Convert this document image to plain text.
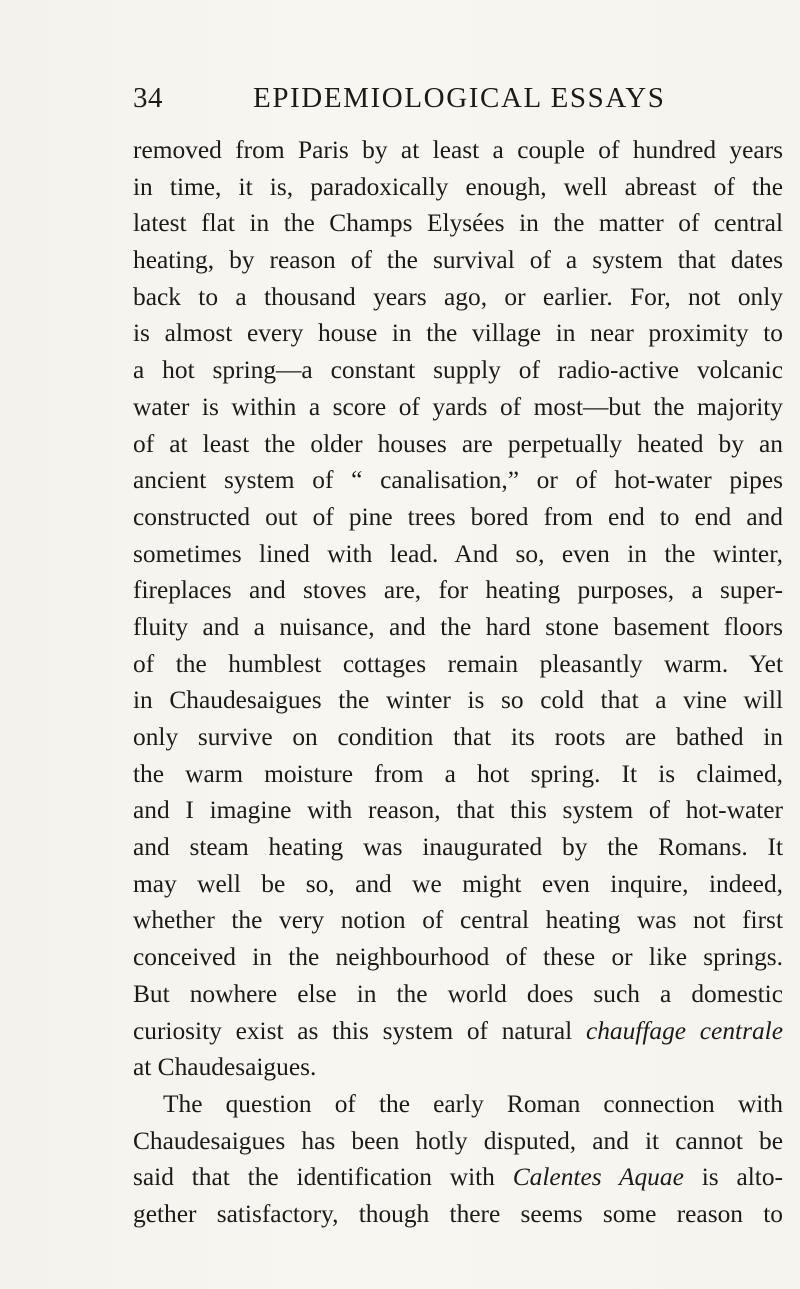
34	EPIDEMIOLOGICAL ESSAYS
removed from Paris by at least a couple of hundred years
in time, it is, paradoxically enough, well abreast of the
latest flat in the Champs Elysées in the matter of central
heating, by reason of the survival of a system that dates
back to a thousand years ago, or earlier. For, not only
is almost every house in the village in near proximity to
a hot spring—a constant supply of radio-active volcanic
water is within a score of yards of most—but the majority
of at least the older houses are perpetually heated by an
ancient system of “ canalisation,” or of hot-water pipes
constructed out of pine trees bored from end to end and
sometimes lined with lead. And so, even in the winter,
fireplaces and stoves are, for heating purposes, a super-
fluity and a nuisance, and the hard stone basement floors
of the humblest cottages remain pleasantly warm. Yet
in Chaudesaigues the winter is so cold that a vine will
only survive on condition that its roots are bathed in
the warm moisture from a hot spring. It is claimed,
and I imagine with reason, that this system of hot-water
and steam heating was inaugurated by the Romans. It
may well be so, and we might even inquire, indeed,
whether the very notion of central heating was not first
conceived in the neighbourhood of these or like springs.
But nowhere else in the world does such a domestic
curiosity exist as this system of natural chauffage centrale
at Chaudesaigues.
The question of the early Roman connection with
Chaudesaigues has been hotly disputed, and it cannot be
said that the identification with Calentes Aquae is alto-
gether satisfactory, though there seems some reason to
